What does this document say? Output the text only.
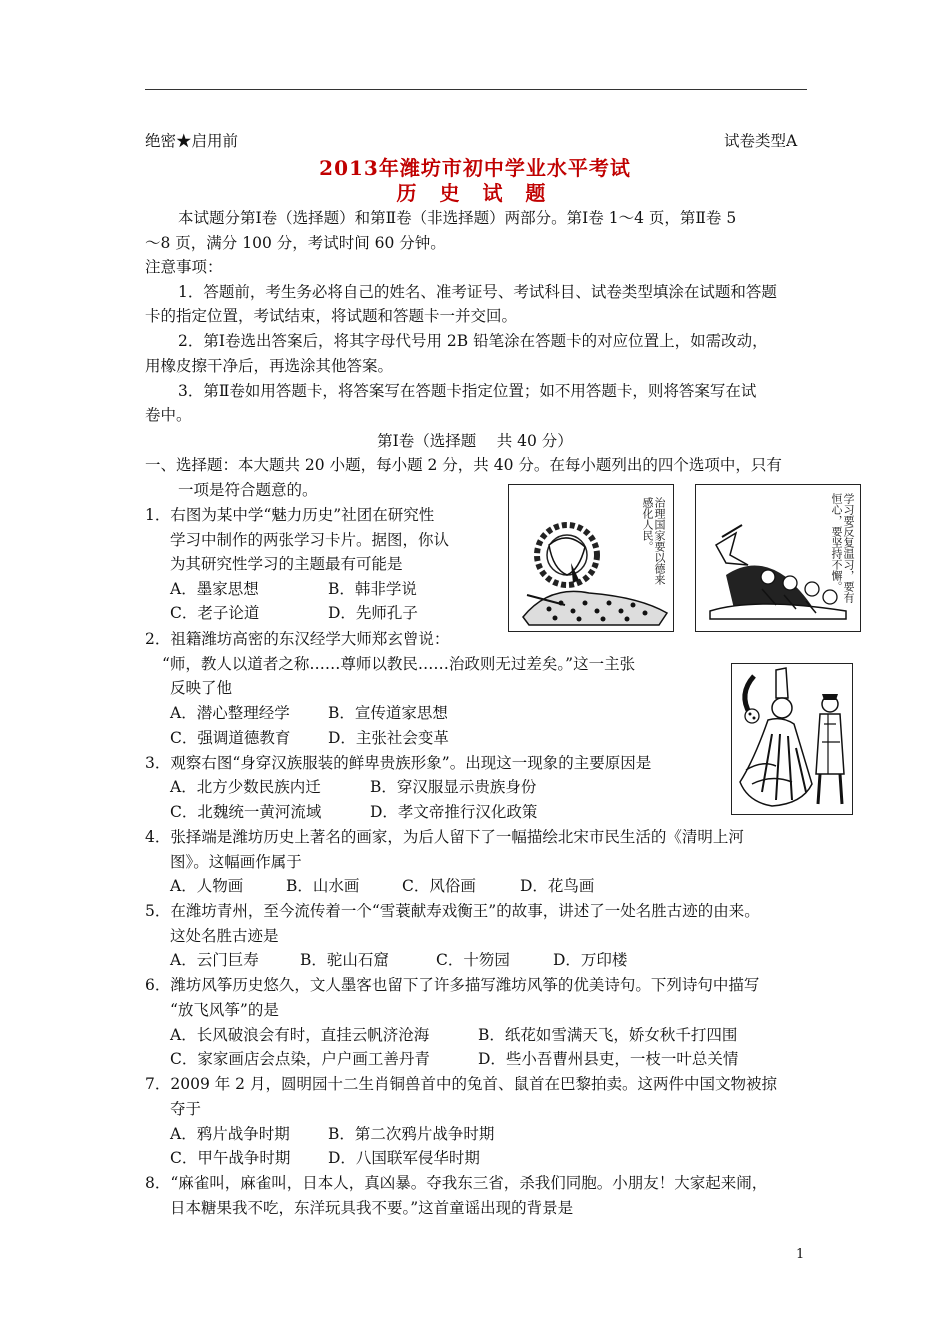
绝密★启用前	试卷类型A
2013年潍坊市初中学业水平考试
历 史 试 题
本试题分第Ⅰ卷（选择题）和第Ⅱ卷（非选择题）两部分。第Ⅰ卷 1～4 页，第Ⅱ卷 5
～8 页，满分 100 分，考试时间 60 分钟。
注意事项：
1．答题前，考生务必将自己的姓名、准考证号、考试科目、试卷类型填涂在试题和答题
卡的指定位置，考试结束，将试题和答题卡一并交回。
2．第Ⅰ卷选出答案后，将其字母代号用 2B 铅笔涂在答题卡的对应位置上，如需改动，
用橡皮擦干净后，再选涂其他答案。
3．第Ⅱ卷如用答题卡，将答案写在答题卡指定位置；如不用答题卡，则将答案写在试
卷中。
第Ⅰ卷（选择题　 共 40 分）
一、选择题：本大题共 20 小题，每小题 2 分，共 40 分。在每小题列出的四个选项中，只有
一项是符合题意的。
1．右图为某中学“魅力历史”社团在研究性
学习中制作的两张学习卡片。据图，你认
为其研究性学习的主题最有可能是
A．墨家思想	B．韩非学说
C．老子论道	D．先师孔子
治理国家要以德来感化人民。	学习要反复温习，要有恒心，要坚持不懈。
2．祖籍潍坊高密的东汉经学大师郑玄曾说：
“师，教人以道者之称……尊师以教民……治政则无过差矣。”这一主张
反映了他
A．潜心整理经学 B．宣传道家思想
C．强调道德教育 D．主张社会变革
3．观察右图“身穿汉族服装的鲜卑贵族形象”。出现这一现象的主要原因是
A．北方少数民族内迁	B．穿汉服显示贵族身份
C．北魏统一黄河流域	D．孝文帝推行汉化政策
4．张择端是潍坊历史上著名的画家，为后人留下了一幅描绘北宋市民生活的《清明上河
图》。这幅画作属于
A．人物画	B．山水画	C．风俗画	D．花鸟画
5．在潍坊青州，至今流传着一个“雪蓑献寿戏衡王”的故事，讲述了一处名胜古迹的由来。
这处名胜古迹是
A．云门巨寿	B．驼山石窟	C．十笏园	D．万印楼
6．潍坊风筝历史悠久，文人墨客也留下了许多描写潍坊风筝的优美诗句。下列诗句中描写
“放飞风筝”的是
A．长风破浪会有时，直挂云帆济沧海	B．纸花如雪满天飞，娇女秋千打四围
C．家家画店会点染，户户画工善丹青	D．些小吾曹州县吏，一枝一叶总关情
7．2009 年 2 月，圆明园十二生肖铜兽首中的兔首、鼠首在巴黎拍卖。这两件中国文物被掠
夺于
A．鸦片战争时期 B．第二次鸦片战争时期
C．甲午战争时期 D．八国联军侵华时期
8．“麻雀叫，麻雀叫，日本人，真凶暴。夺我东三省，杀我们同胞。小朋友！大家起来闹，
日本糖果我不吃，东洋玩具我不要。”这首童谣出现的背景是
1
